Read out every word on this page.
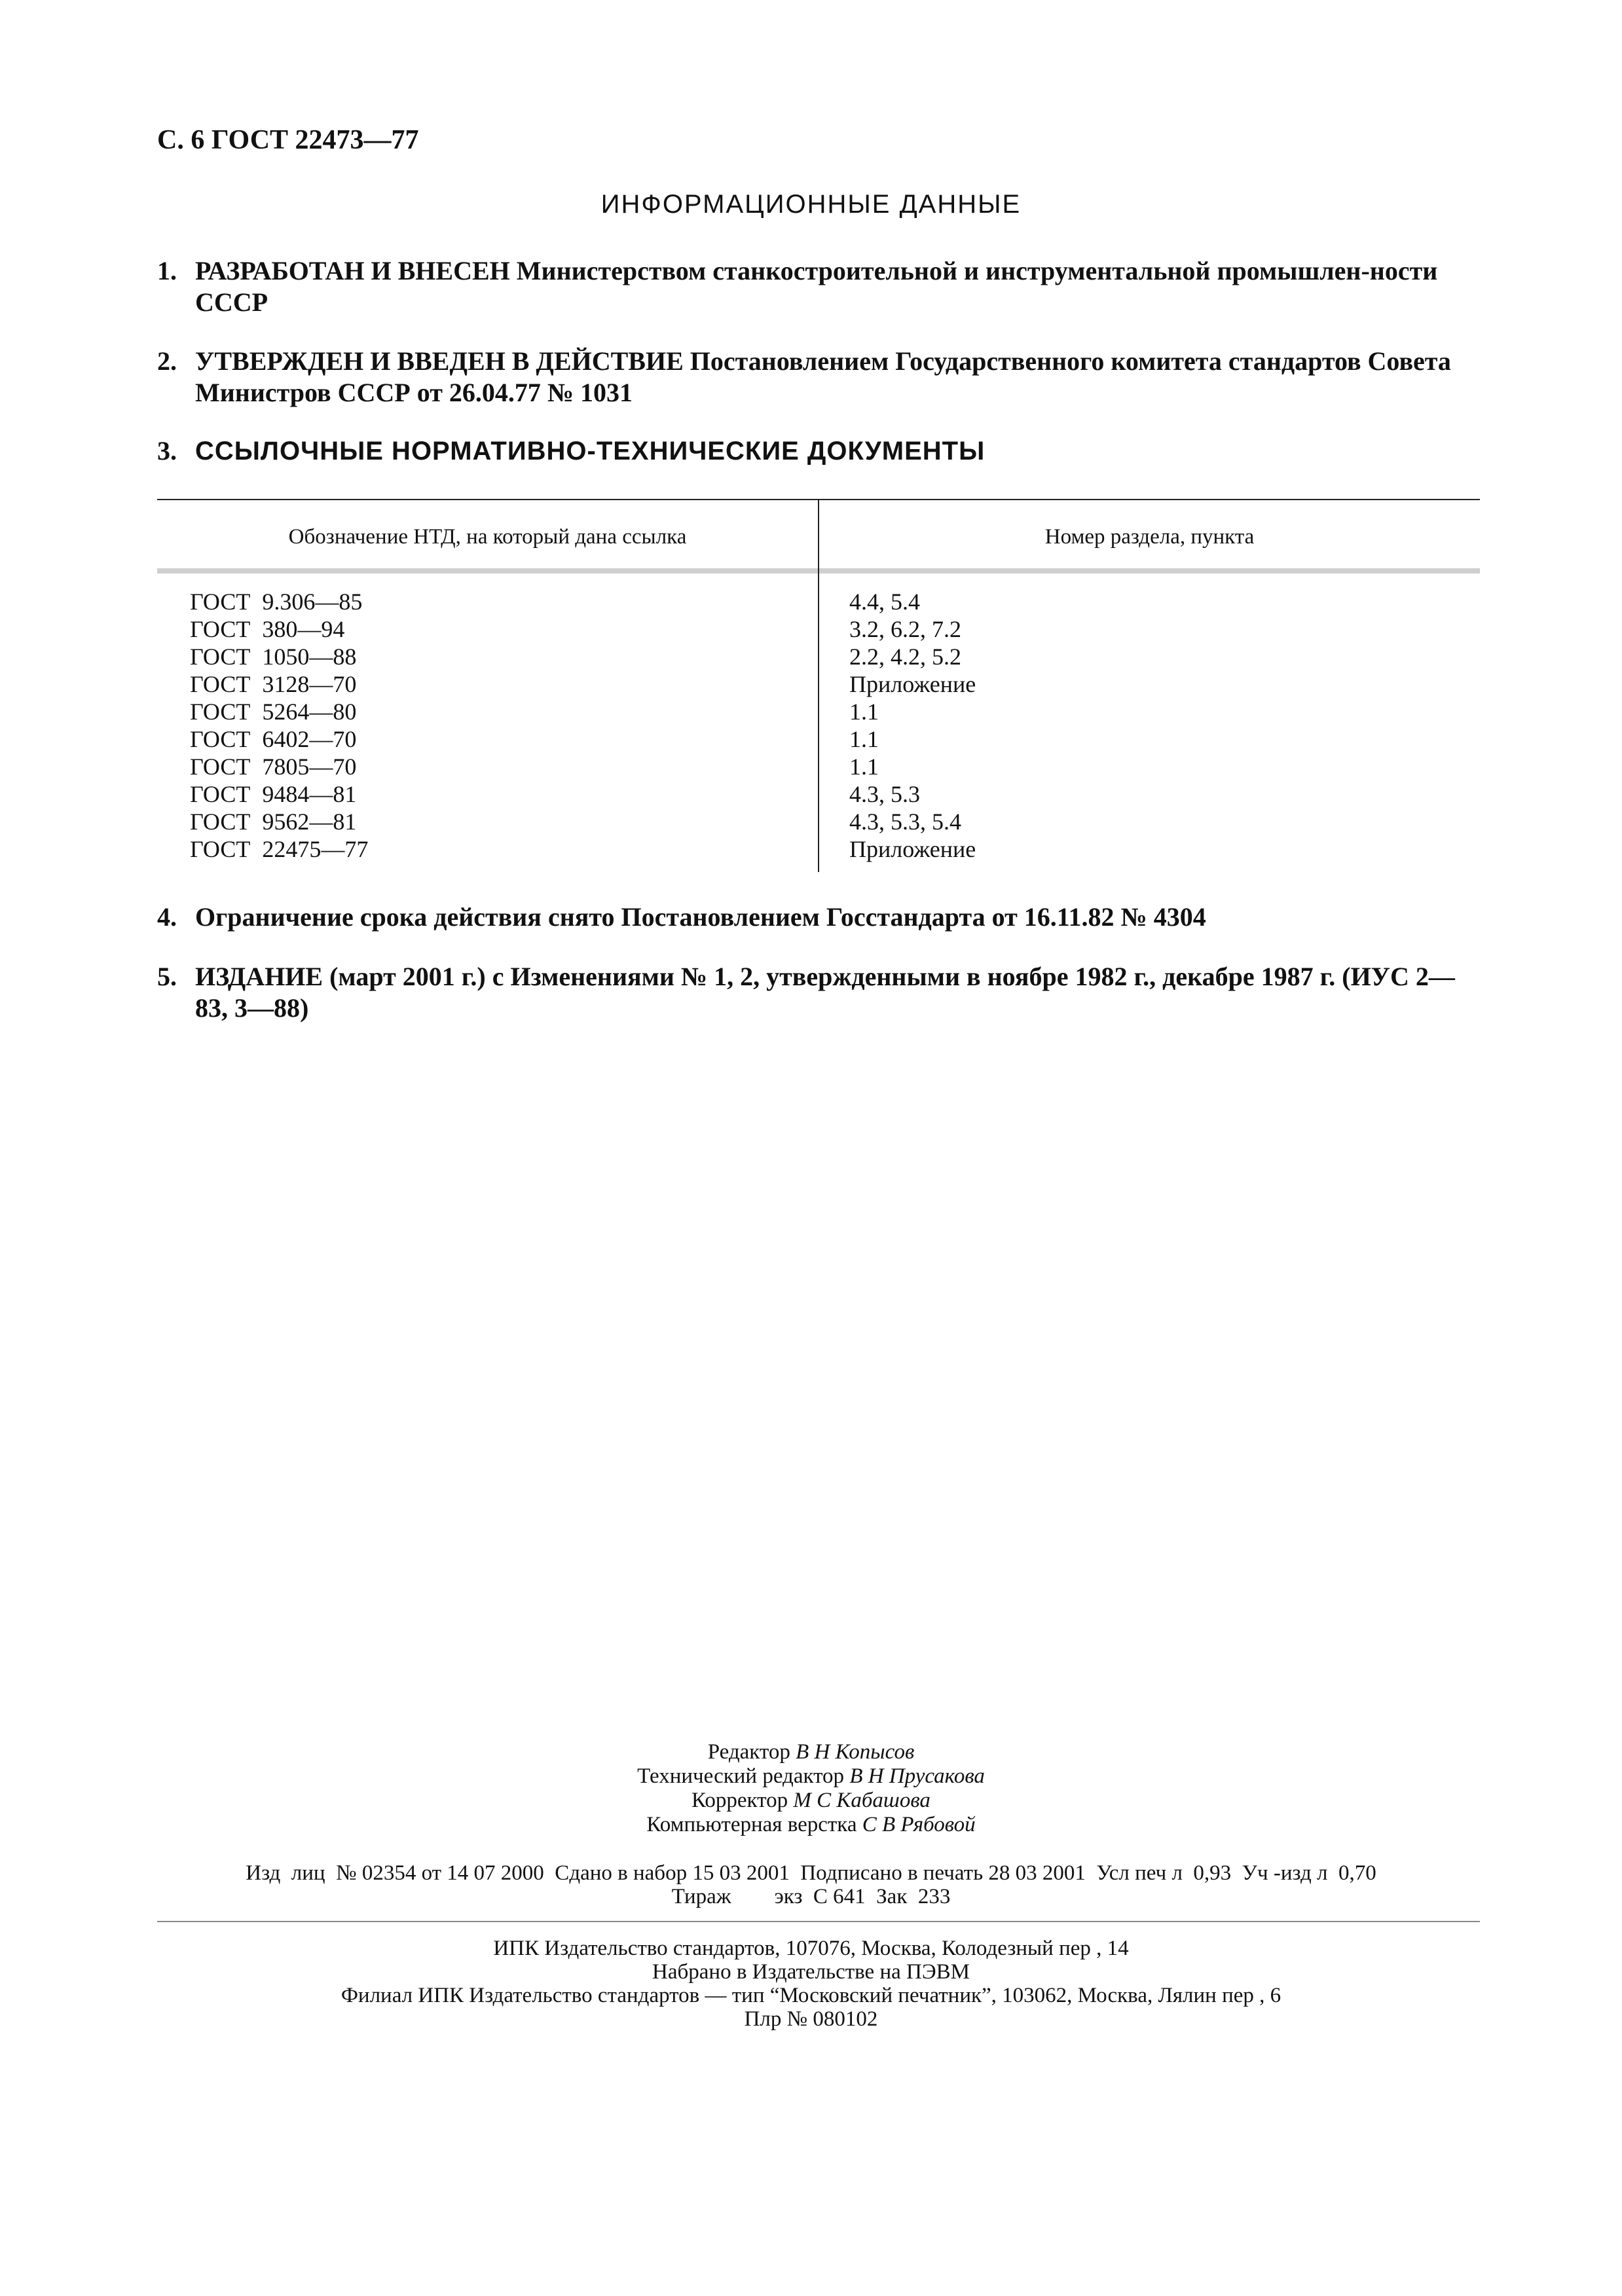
С. 6 ГОСТ 22473—77
ИНФОРМАЦИОННЫЕ ДАННЫЕ
1. РАЗРАБОТАН И ВНЕСЕН Министерством станкостроительной и инструментальной промышлен-ности СССР
2. УТВЕРЖДЕН И ВВЕДЕН В ДЕЙСТВИЕ Постановлением Государственного комитета стандартов Совета Министров СССР от 26.04.77 № 1031
3. ССЫЛОЧНЫЕ НОРМАТИВНО-ТЕХНИЧЕСКИЕ ДОКУМЕНТЫ
Обозначение НТД, на который дана ссылка	Номер раздела, пункта
ГОСТ  9.306—85
ГОСТ  380—94
ГОСТ  1050—88
ГОСТ  3128—70
ГОСТ  5264—80
ГОСТ  6402—70
ГОСТ  7805—70
ГОСТ  9484—81
ГОСТ  9562—81
ГОСТ  22475—77
4.4, 5.4
3.2, 6.2, 7.2
2.2, 4.2, 5.2
Приложение
1.1
1.1
1.1
4.3, 5.3
4.3, 5.3, 5.4
Приложение
4. Ограничение срока действия снято Постановлением Госстандарта от 16.11.82 № 4304
5. ИЗДАНИЕ (март 2001 г.) с Изменениями № 1, 2, утвержденными в ноябре 1982 г., декабре 1987 г. (ИУС 2—83, 3—88)
Редактор В Н Копысов
Технический редактор В Н Прусакова
Корректор М С Кабашова
Компьютерная верстка С В Рябовой
Изд  лиц  № 02354 от 14 07 2000  Сдано в набор 15 03 2001  Подписано в печать 28 03 2001  Усл печ л  0,93  Уч -изд л  0,70
Тираж        экз  С 641  Зак  233
ИПК Издательство стандартов, 107076, Москва, Колодезный пер , 14
Набрано в Издательстве на ПЭВМ
Филиал ИПК Издательство стандартов — тип “Московский печатник”, 103062, Москва, Лялин пер , 6
Плр № 080102
